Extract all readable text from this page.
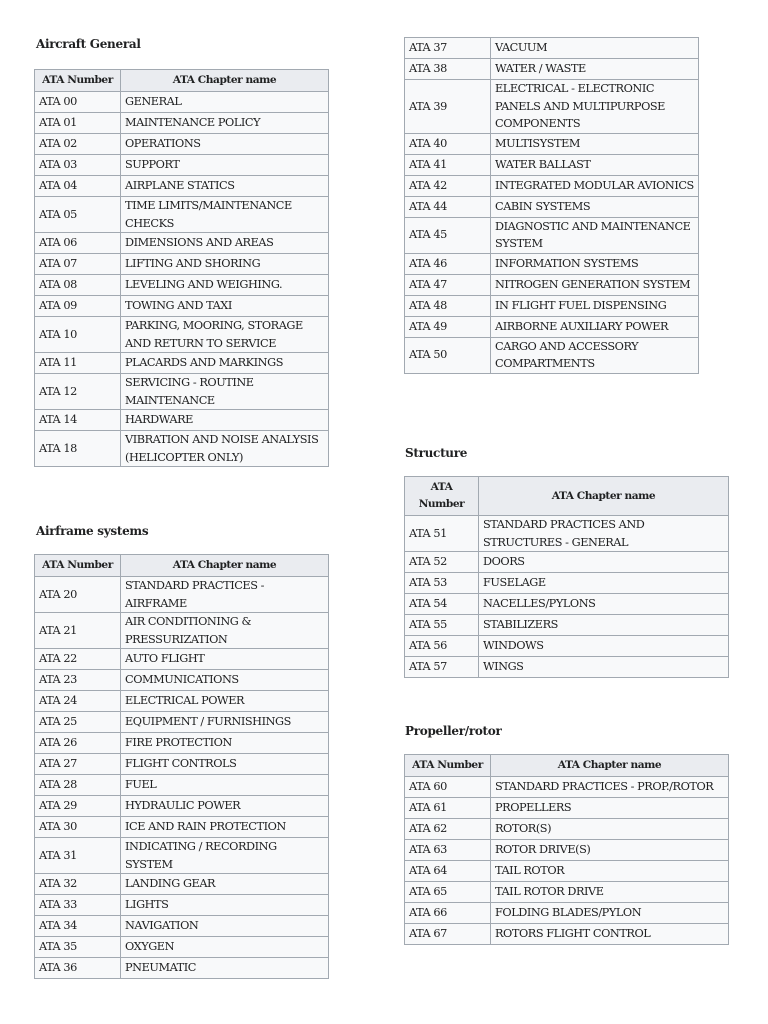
Aircraft General
ATA Number	ATA Chapter name
ATA 00	GENERAL
ATA 01	MAINTENANCE POLICY
ATA 02	OPERATIONS
ATA 03	SUPPORT
ATA 04	AIRPLANE STATICS
ATA 05	TIME LIMITS/MAINTENANCE CHECKS
ATA 06	DIMENSIONS AND AREAS
ATA 07	LIFTING AND SHORING
ATA 08	LEVELING AND WEIGHING.
ATA 09	TOWING AND TAXI
ATA 10	PARKING, MOORING, STORAGE AND RETURN TO SERVICE
ATA 11	PLACARDS AND MARKINGS
ATA 12	SERVICING - ROUTINE MAINTENANCE
ATA 14	HARDWARE
ATA 18	VIBRATION AND NOISE ANALYSIS (HELICOPTER ONLY)
Airframe systems
ATA Number	ATA Chapter name
ATA 20	STANDARD PRACTICES - AIRFRAME
ATA 21	AIR CONDITIONING & PRESSURIZATION
ATA 22	AUTO FLIGHT
ATA 23	COMMUNICATIONS
ATA 24	ELECTRICAL POWER
ATA 25	EQUIPMENT / FURNISHINGS
ATA 26	FIRE PROTECTION
ATA 27	FLIGHT CONTROLS
ATA 28	FUEL
ATA 29	HYDRAULIC POWER
ATA 30	ICE AND RAIN PROTECTION
ATA 31	INDICATING / RECORDING SYSTEM
ATA 32	LANDING GEAR
ATA 33	LIGHTS
ATA 34	NAVIGATION
ATA 35	OXYGEN
ATA 36	PNEUMATIC
ATA 37	VACUUM
ATA 38	WATER / WASTE
ATA 39	ELECTRICAL - ELECTRONIC PANELS AND MULTIPURPOSE COMPONENTS
ATA 40	MULTISYSTEM
ATA 41	WATER BALLAST
ATA 42	INTEGRATED MODULAR AVIONICS
ATA 44	CABIN SYSTEMS
ATA 45	DIAGNOSTIC AND MAINTENANCE SYSTEM
ATA 46	INFORMATION SYSTEMS
ATA 47	NITROGEN GENERATION SYSTEM
ATA 48	IN FLIGHT FUEL DISPENSING
ATA 49	AIRBORNE AUXILIARY POWER
ATA 50	CARGO AND ACCESSORY COMPARTMENTS
Structure
ATA Number	ATA Chapter name
ATA 51	STANDARD PRACTICES AND STRUCTURES - GENERAL
ATA 52	DOORS
ATA 53	FUSELAGE
ATA 54	NACELLES/PYLONS
ATA 55	STABILIZERS
ATA 56	WINDOWS
ATA 57	WINGS
Propeller/rotor
ATA Number	ATA Chapter name
ATA 60	STANDARD PRACTICES - PROP./ROTOR
ATA 61	PROPELLERS
ATA 62	ROTOR(S)
ATA 63	ROTOR DRIVE(S)
ATA 64	TAIL ROTOR
ATA 65	TAIL ROTOR DRIVE
ATA 66	FOLDING BLADES/PYLON
ATA 67	ROTORS FLIGHT CONTROL
